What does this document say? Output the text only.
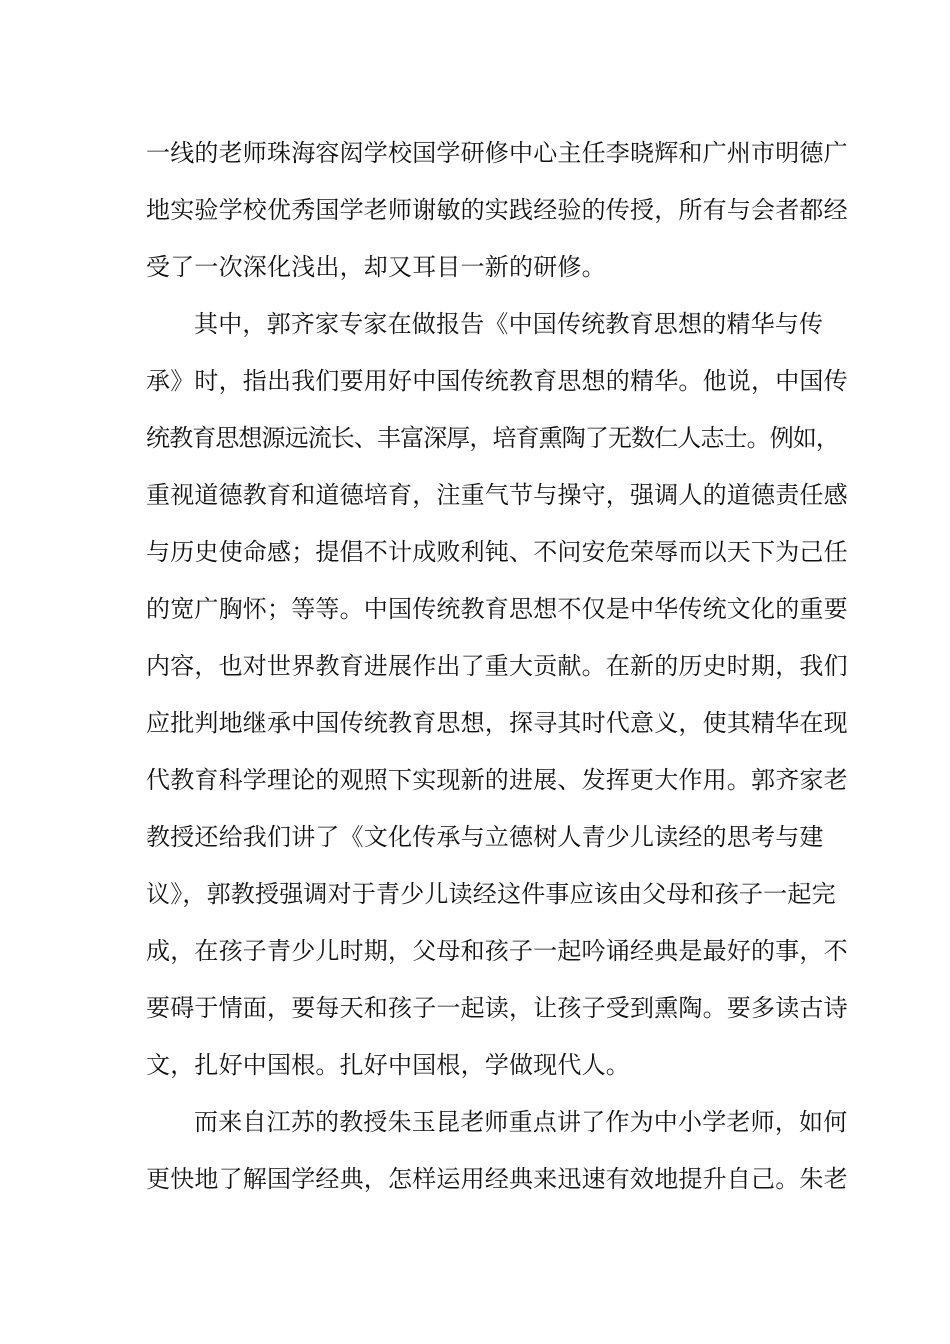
一线的老师珠海容闳学校国学研修中心主任李晓辉和广州市明德广
地实验学校优秀国学老师谢敏的实践经验的传授，所有与会者都经
受了一次深化浅出，却又耳目一新的研修。
其中，郭齐家专家在做报告《中国传统教育思想的精华与传
承》时，指出我们要用好中国传统教育思想的精华。他说，中国传
统教育思想源远流长、丰富深厚，培育熏陶了无数仁人志士。例如，
重视道德教育和道德培育，注重气节与操守，强调人的道德责任感
与历史使命感；提倡不计成败利钝、不问安危荣辱而以天下为己任
的宽广胸怀；等等。中国传统教育思想不仅是中华传统文化的重要
内容，也对世界教育进展作出了重大贡献。在新的历史时期，我们
应批判地继承中国传统教育思想，探寻其时代意义，使其精华在现
代教育科学理论的观照下实现新的进展、发挥更大作用。郭齐家老
教授还给我们讲了《文化传承与立德树人青少儿读经的思考与建
议》，郭教授强调对于青少儿读经这件事应该由父母和孩子一起完
成，在孩子青少儿时期，父母和孩子一起吟诵经典是最好的事，不
要碍于情面，要每天和孩子一起读，让孩子受到熏陶。要多读古诗
文，扎好中国根。扎好中国根，学做现代人。
而来自江苏的教授朱玉昆老师重点讲了作为中小学老师，如何
更快地了解国学经典，怎样运用经典来迅速有效地提升自己。朱老
